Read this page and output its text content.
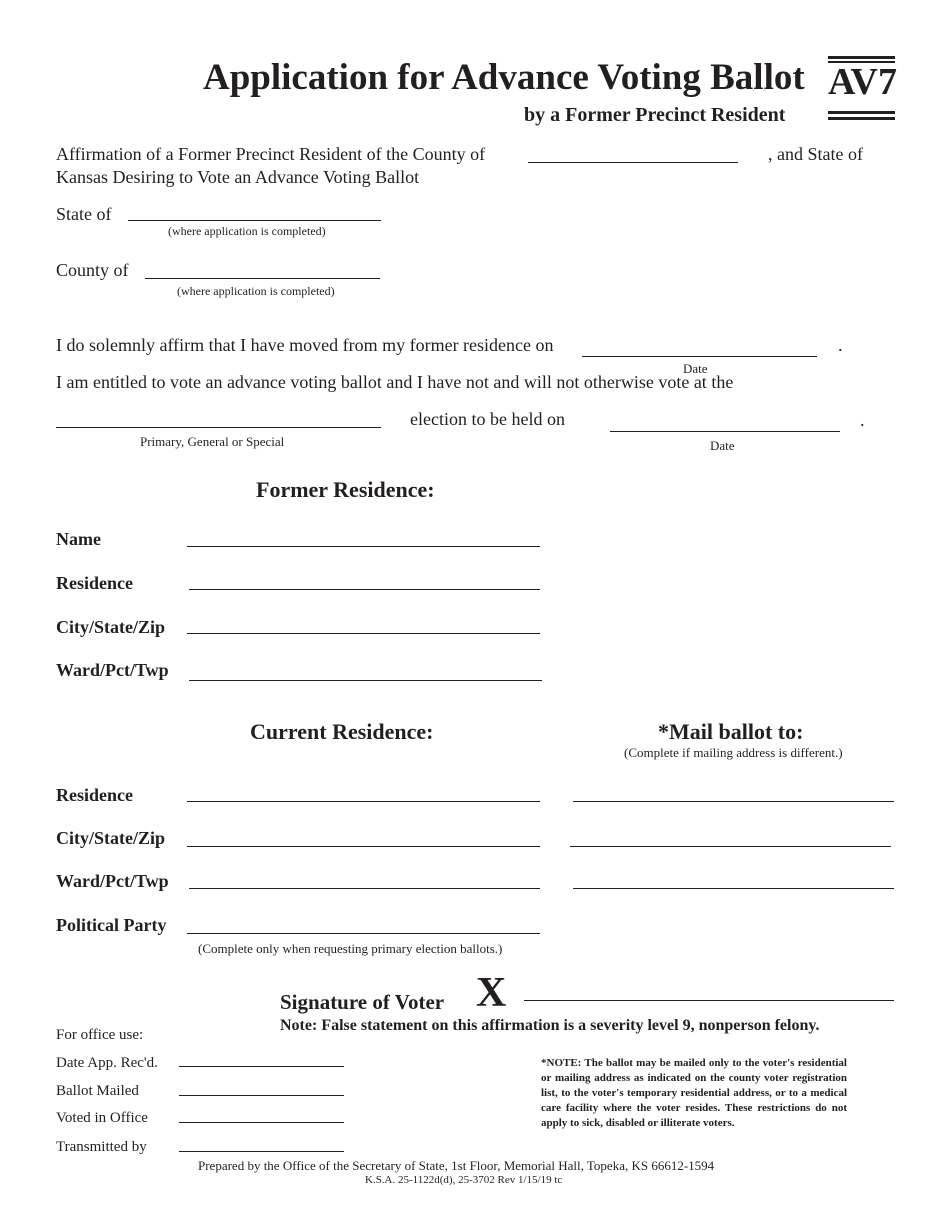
Application for Advance Voting Ballot
by a Former Precinct Resident
AV7
Affirmation of a Former Precinct Resident of the County of	, and State of
Kansas Desiring to Vote an Advance Voting Ballot
State of
(where application is completed)
County of
(where application is completed)
I do solemnly affirm that I have moved from my former residence on	.
Date
I am entitled to vote an advance voting ballot and I have not and will not otherwise vote at the
election to be held on	.
Primary, General or Special	Date
Former Residence:
Name
Residence
City/State/Zip
Ward/Pct/Twp
Current Residence:	*Mail ballot to:
(Complete if mailing address is different.)
Residence
City/State/Zip
Ward/Pct/Twp
Political Party
(Complete only when requesting primary election ballots.)
Signature of Voter X
Note: False statement on this affirmation is a severity level 9, nonperson felony.
For office use:
Date App. Rec'd.
Ballot Mailed
Voted in Office
Transmitted by
*NOTE: The ballot may be mailed only to the voter's residential or mailing address as indicated on the county voter registration list, to the voter's temporary residential address, or to a medical care facility where the voter resides. These restrictions do not apply to sick, disabled or illiterate voters.
Prepared by the Office of the Secretary of State, 1st Floor, Memorial Hall, Topeka, KS 66612-1594
K.S.A. 25-1122d(d), 25-3702 Rev 1/15/19 tc
